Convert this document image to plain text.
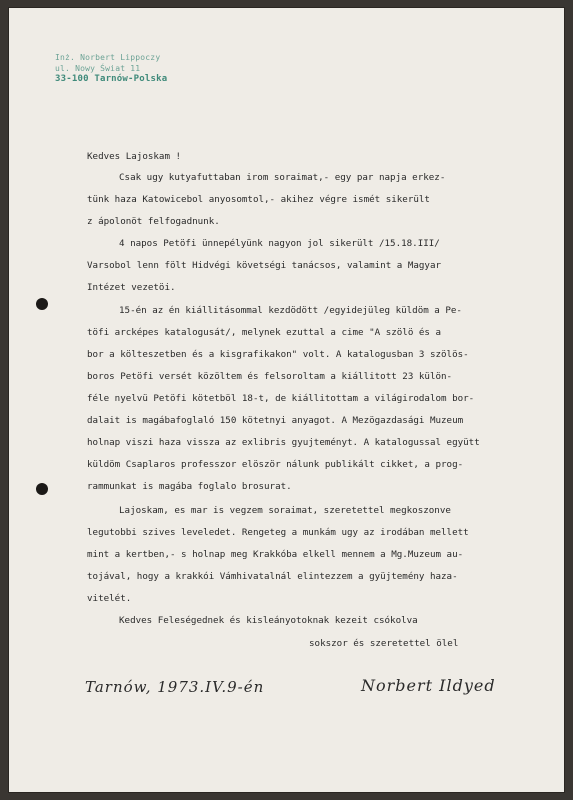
Inż. Norbert Lippoczy
ul. Nowy Świat 11
33-100 Tarnów-Polska

Kedves Lajoskam !

Csak ugy kutyafuttaban irom soraimat,- egy par napja erkez-

tünk haza Katowicebol anyosomtol,- akihez végre ismét sikerült

z ápolonöt felfogadnunk.

4 napos Petöfi ünnepélyünk nagyon jol sikerült /15.18.III/

Varsobol lenn fölt Hidvégi követségi tanácsos, valamint a Magyar

Intézet vezetöi.

15-én az én kiállitásommal kezdödött /egyidejüleg küldöm a Pe-

töfi arcképes katalogusát/, melynek ezuttal a cime "A szölö és a

bor a költeszetben és a kisgrafikakon" volt. A katalogusban 3 szölös-

boros Petöfi versét közöltem és felsoroltam a kiállitott 23 külön-

féle nyelvü Petöfi kötetböl 18-t, de kiállitottam a világirodalom bor-

dalait is magábafoglaló 150 kötetnyi anyagot. A Mezögazdasági Muzeum

holnap viszi haza vissza az exlibris gyujteményt. A katalogussal együtt

küldöm Csaplaros professzor elöször nálunk publikált cikket, a prog-

rammunkat is magába foglalo brosurat.

Lajoskam, es mar is vegzem soraimat, szeretettel megkoszonve

legutobbi szives leveledet. Rengeteg a munkám ugy az irodában mellett

mint a kertben,- s holnap meg Krakkóba elkell mennem a Mg.Muzeum au-

tojával, hogy a krakkói Vámhivatalnál elintezzem a gyüjtemény haza-

vitelét.

Kedves Feleségednek és kisleányotoknak kezeit csókolva

sokszor és szeretettel ölel

Tarnów, 1973.IV.9-én	Norbert Ildyed
